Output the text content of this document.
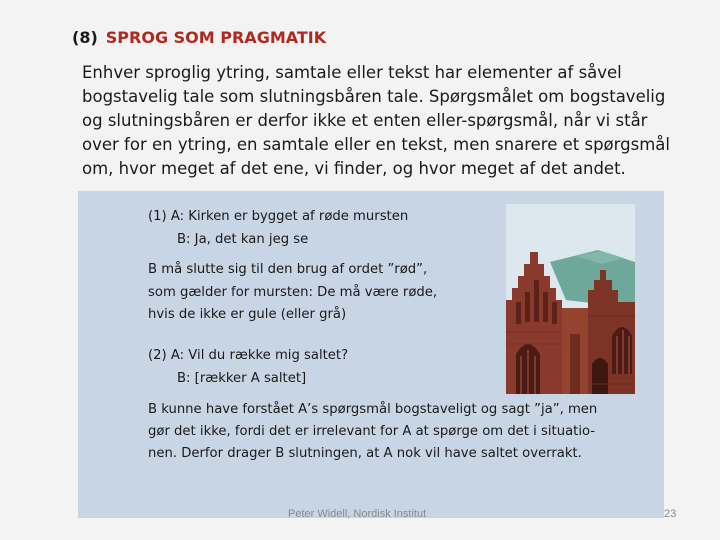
(8) SPROG SOM PRAGMATIK
Enhver sproglig ytring, samtale eller tekst har elementer af såvel
bogstavelig tale som slutningsbåren tale. Spørgsmålet om bogstavelig
og slutningsbåren er derfor ikke et enten eller-spørgsmål, når vi står
over for en ytring, en samtale eller en tekst, men snarere et spørgsmål
om, hvor meget af det ene, vi finder, og hvor meget af det andet.
(1) A: Kirken er bygget af røde mursten
B: Ja, det kan jeg se
B må slutte sig til den brug af ordet ”rød”,
som gælder for mursten: De må være røde,
hvis de ikke er gule (eller grå)
(2) A: Vil du række mig saltet?
B: [rækker A saltet]
B kunne have forstået A’s spørgsmål bogstaveligt og sagt ”ja”, men
gør det ikke, fordi det er irrelevant for A at spørge om det i situatio-
nen. Derfor drager B slutningen, at A nok vil have saltet overrakt.
Peter Widell, Nordisk Institut	23
